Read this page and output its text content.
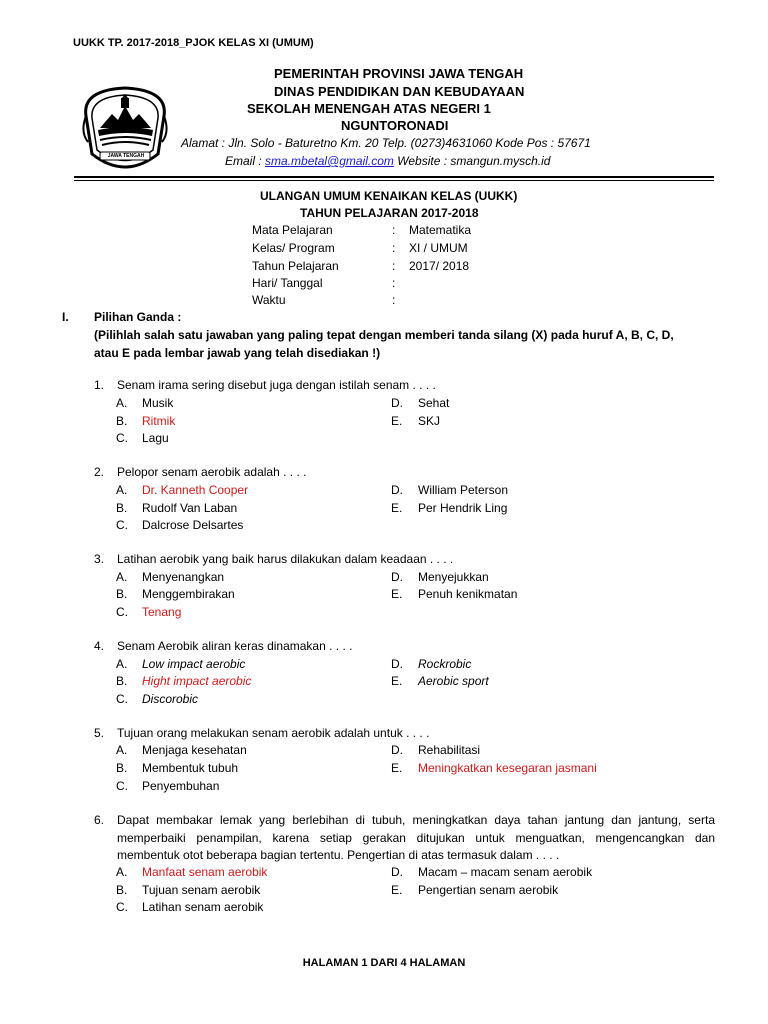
UUKK TP. 2017-2018_PJOK KELAS XI (UMUM)
JAWA TENGAH
PEMERINTAH PROVINSI JAWA TENGAH
DINAS PENDIDIKAN DAN KEBUDAYAAN
SEKOLAH MENENGAH ATAS NEGERI 1
NGUNTORONADI
Alamat : Jln. Solo - Baturetno Km. 20 Telp. (0273)4631060 Kode Pos : 57671
Email : sma.mbetal@gmail.com Website : smangun.mysch.id
ULANGAN UMUM KENAIKAN KELAS (UUKK)
TAHUN PELAJARAN 2017-2018
Mata Pelajaran	: Matematika
Kelas/ Program	: XI / UMUM
Tahun Pelajaran	: 2017/ 2018
Hari/ Tanggal	:
Waktu	:
I. Pilihan Ganda :
(Pilihlah salah satu jawaban yang paling tepat dengan memberi tanda silang (X) pada huruf A, B, C, D,
atau E pada lembar jawab yang telah disediakan !)
1. Senam irama sering disebut juga dengan istilah senam . . . .
A. Musik
B. Ritmik
C. Lagu
D. Sehat
E. SKJ
2. Pelopor senam aerobik adalah . . . .
A. Dr. Kanneth Cooper
B. Rudolf Van Laban
C. Dalcrose Delsartes
D. William Peterson
E. Per Hendrik Ling
3. Latihan aerobik yang baik harus dilakukan dalam keadaan . . . .
A. Menyenangkan
B. Menggembirakan
C. Tenang
D. Menyejukkan
E. Penuh kenikmatan
4. Senam Aerobik aliran keras dinamakan . . . .
A. Low impact aerobic
B. Hight impact aerobic
C. Discorobic
D. Rockrobic
E. Aerobic sport
5. Tujuan orang melakukan senam aerobik adalah untuk . . . .
A. Menjaga kesehatan
B. Membentuk tubuh
C. Penyembuhan
D. Rehabilitasi
E. Meningkatkan kesegaran jasmani
6. Dapat membakar lemak yang berlebihan di tubuh, meningkatkan daya tahan jantung dan jantung, serta
memperbaiki penampilan, karena setiap gerakan ditujukan untuk menguatkan, mengencangkan dan
membentuk otot beberapa bagian tertentu. Pengertian di atas termasuk dalam . . . .
A. Manfaat senam aerobik
B. Tujuan senam aerobik
C. Latihan senam aerobik
D. Macam – macam senam aerobik
E. Pengertian senam aerobik
HALAMAN 1 DARI 4 HALAMAN
